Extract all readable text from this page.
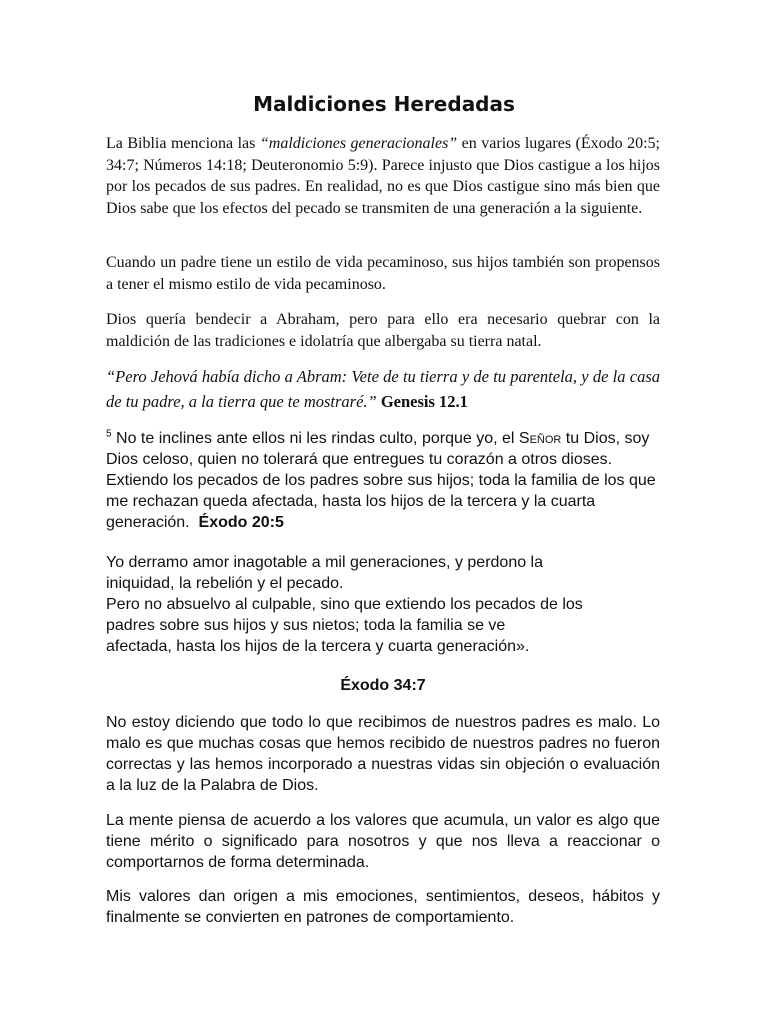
Maldiciones Heredadas

La Biblia menciona las “maldiciones generacionales” en varios lugares (Éxodo 20:5; 34:7; Números 14:18; Deuteronomio 5:9). Parece injusto que Dios castigue a los hijos por los pecados de sus padres. En realidad, no es que Dios castigue sino más bien que Dios sabe que los efectos del pecado se transmiten de una generación a la siguiente.

Cuando un padre tiene un estilo de vida pecaminoso, sus hijos también son propensos a tener el mismo estilo de vida pecaminoso.

Dios quería bendecir a Abraham, pero para ello era necesario quebrar con la maldición de las tradiciones e idolatría que albergaba su tierra natal.

“Pero Jehová había dicho a Abram: Vete de tu tierra y de tu parentela, y de la casa de tu padre, a la tierra que te mostraré.” Genesis 12.1

$^5$ No te inclines ante ellos ni les rindas culto, porque yo, el Señor tu Dios, soy Dios celoso, quien no tolerará que entregues tu corazón a otros dioses. Extiendo los pecados de los padres sobre sus hijos; toda la familia de los que me rechazan queda afectada, hasta los hijos de la tercera y la cuarta generación. Éxodo 20:5

Yo derramo amor inagotable a mil generaciones, y perdono la
iniquidad, la rebelión y el pecado.
Pero no absuelvo al culpable, sino que extiendo los pecados de los
padres sobre sus hijos y sus nietos; toda la familia se ve
afectada, hasta los hijos de la tercera y cuarta generación».

Éxodo 34:7

No estoy diciendo que todo lo que recibimos de nuestros padres es malo. Lo malo es que muchas cosas que hemos recibido de nuestros padres no fueron correctas y las hemos incorporado a nuestras vidas sin objeción o evaluación a la luz de la Palabra de Dios.

La mente piensa de acuerdo a los valores que acumula, un valor es algo que tiene mérito o significado para nosotros y que nos lleva a reaccionar o comportarnos de forma determinada.

Mis valores dan origen a mis emociones, sentimientos, deseos, hábitos y finalmente se convierten en patrones de comportamiento.
